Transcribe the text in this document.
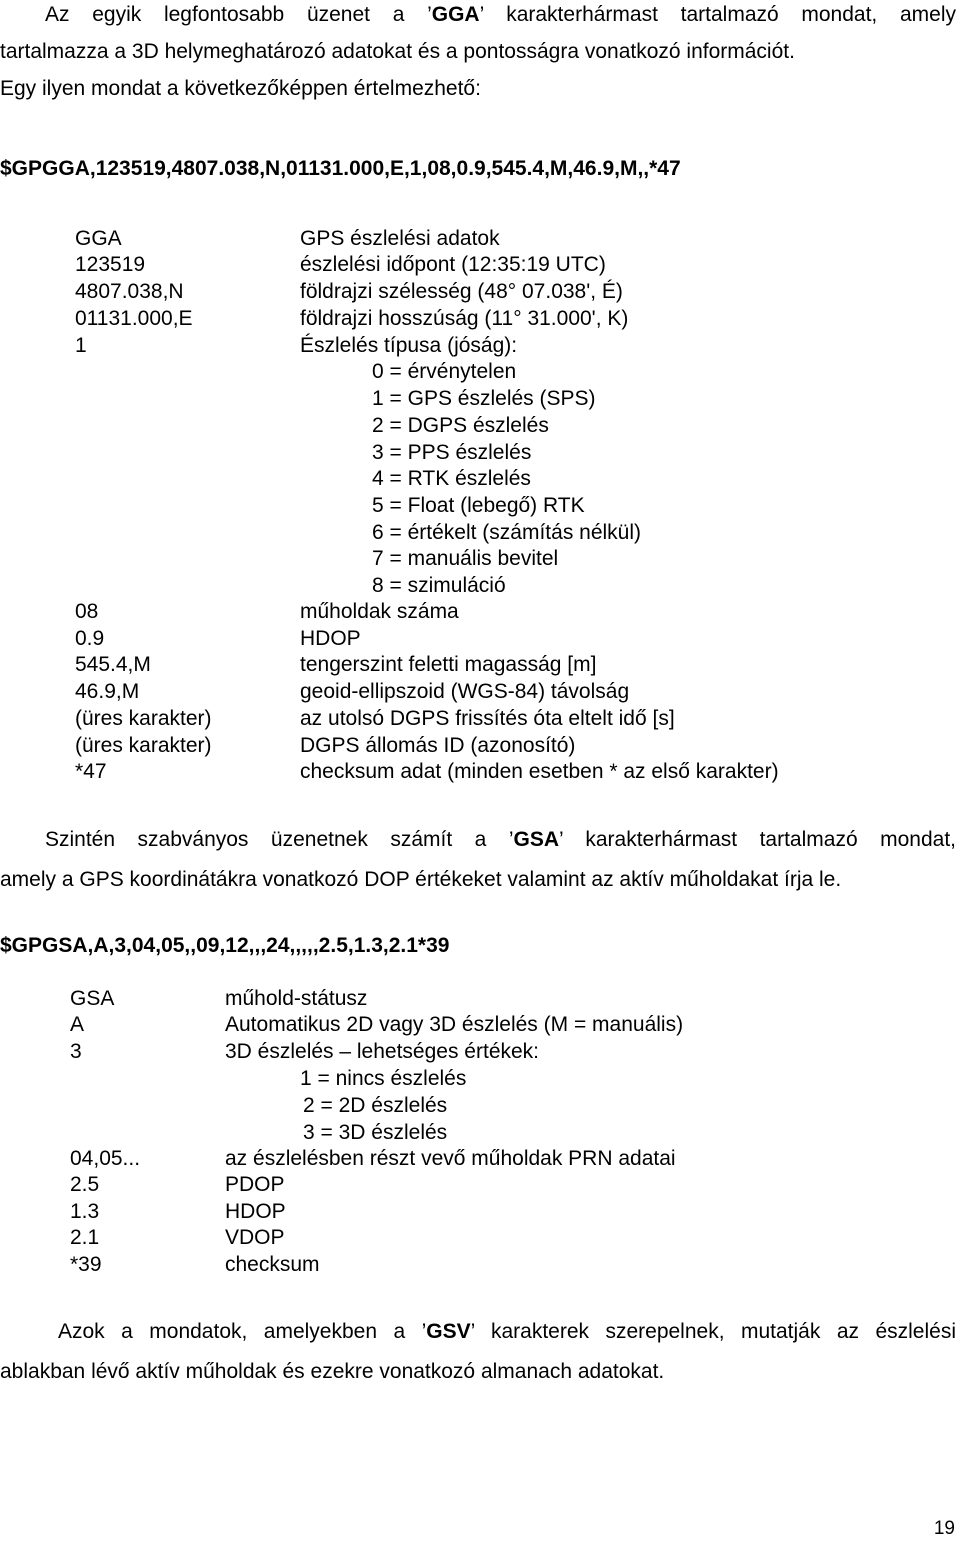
Az egyik legfontosabb üzenet a ’GGA’ karakterhármast tartalmazó mondat, amely
tartalmazza a 3D helymeghatározó adatokat és a pontosságra vonatkozó információt.
Egy ilyen mondat a következőképpen értelmezhető:
$GPGGA,123519,4807.038,N,01131.000,E,1,08,0.9,545.4,M,46.9,M,,*47
GGA	GPS észlelési adatok
123519	észlelési időpont (12:35:19 UTC)
4807.038,N	földrajzi szélesség (48° 07.038', É)
01131.000,E	földrajzi hosszúság (11° 31.000', K)
1	Észlelés típusa (jóság):
0 = érvénytelen
1 = GPS észlelés (SPS)
2 = DGPS észlelés
3 = PPS észlelés
4 = RTK észlelés
5 = Float (lebegő) RTK
6 = értékelt (számítás nélkül)
7 = manuális bevitel
8 = szimuláció
08	műholdak száma
0.9	HDOP
545.4,M	tengerszint feletti magasság [m]
46.9,M	geoid-ellipszoid (WGS-84) távolság
(üres karakter)	az utolsó DGPS frissítés óta eltelt idő [s]
(üres karakter)	DGPS állomás ID (azonosító)
*47	checksum adat (minden esetben * az első karakter)
Szintén szabványos üzenetnek számít a ’GSA’ karakterhármast tartalmazó mondat,
amely a GPS koordinátákra vonatkozó DOP értékeket valamint az aktív műholdakat írja le.
$GPGSA,A,3,04,05,,09,12,,,24,,,,,2.5,1.3,2.1*39
GSA	műhold-státusz
A	Automatikus 2D vagy 3D észlelés (M = manuális)
3	3D észlelés – lehetséges értékek:
1 = nincs észlelés
2 = 2D észlelés
3 = 3D észlelés
04,05...	az észlelésben részt vevő műholdak PRN adatai
2.5	PDOP
1.3	HDOP
2.1	VDOP
*39	checksum
Azok a mondatok, amelyekben a ’GSV’ karakterek szerepelnek, mutatják az észlelési
ablakban lévő aktív műholdak és ezekre vonatkozó almanach adatokat.
19
